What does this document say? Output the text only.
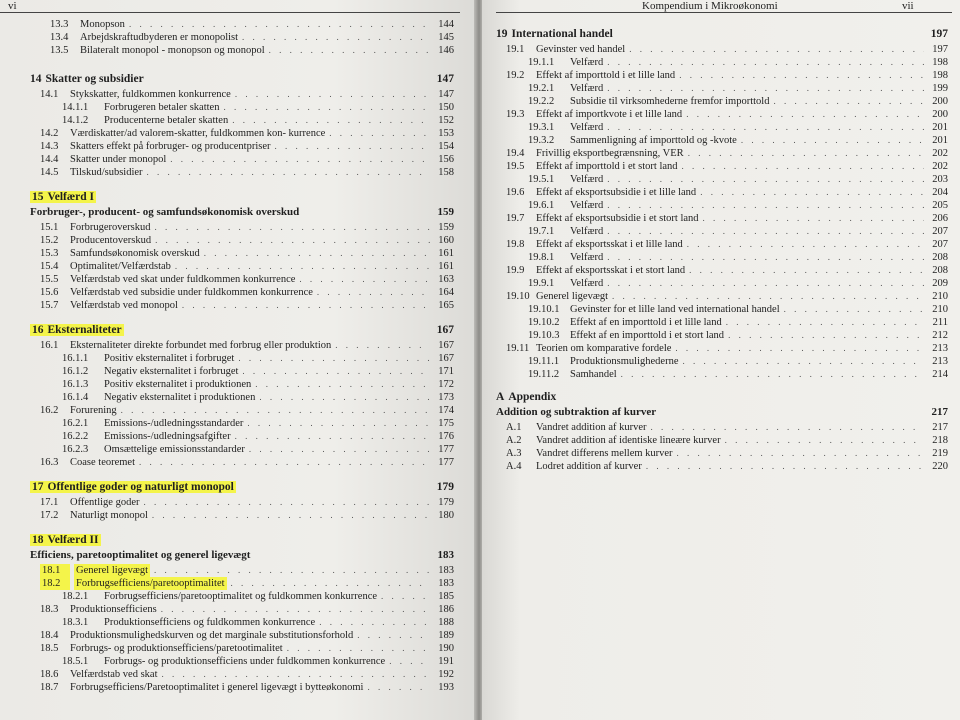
vi
13.3	Monopson . . .	144
13.4	Arbejdskraftudbyderen er monopolist . . .	145
13.5	Bilateralt monopol - monopson og monopol . . .	146
14 Skatter og subsidier	147
14.1	Stykskatter, fuldkommen konkurrence . . .	147
14.1.1	Forbrugeren betaler skatten . . .	150
14.1.2	Producenterne betaler skatten . . .	152
14.2	Værdiskatter/ad valorem-skatter, fuldkommen kon- kurrence . . .	153
14.3	Skatters effekt på forbruger- og producentpriser . . .	154
14.4	Skatter under monopol . . .	156
14.5	Tilskud/subsidier . . .	158
15 Velfærd I
Forbruger-, producent- og samfundsøkonomisk overskud	159
15.1	Forbrugeroverskud . . .	159
15.2	Producentoverskud . . .	160
15.3	Samfundsøkonomisk overskud . . .	161
15.4	Optimalitet/Velfærdstab . . .	161
15.5	Velfærdstab ved skat under fuldkommen konkurrence . . .	163
15.6	Velfærdstab ved subsidie under fuldkommen konkurrence . . .	164
15.7	Velfærdstab ved monopol . . .	165
16 Eksternaliteter	167
16.1	Eksternaliteter direkte forbundet med forbrug eller produktion . . .	167
16.1.1	Positiv eksternalitet i forbruget . . .	167
16.1.2	Negativ eksternalitet i forbruget . . .	171
16.1.3	Positiv eksternalitet i produktionen . . .	172
16.1.4	Negativ eksternalitet i produktionen . . .	173
16.2	Forurening . . .	174
16.2.1	Emissions-/udledningsstandarder . . .	175
16.2.2	Emissions-/udledningsafgifter . . .	176
16.2.3	Omsættelige emissionsstandarder . . .	177
16.3	Coase teoremet . . .	177
17 Offentlige goder og naturligt monopol	179
17.1	Offentlige goder . . .	179
17.2	Naturligt monopol . . .	180
18 Velfærd II
Efficiens, paretooptimalitet og generel ligevægt	183
18.1	Generel ligevægt . . .	183
18.2	Forbrugsefficiens/paretooptimalitet . . .	183
18.2.1	Forbrugsefficiens/paretooptimalitet og fuldkommen konkurrence . . .	185
18.3	Produktionsefficiens . . .	186
18.3.1	Produktionsefficiens og fuldkommen konkurrence . . .	188
18.4	Produktionsmulighedskurven og det marginale substitutionsforhold . . .	189
18.5	Forbrugs- og produktionsefficiens/paretootimalitet . . .	190
18.5.1	Forbrugs- og produktionsefficiens under fuldkommen konkurrence . . .	191
18.6	Velfærdstab ved skat . . .	192
18.7	Forbrugsefficiens/Paretooptimalitet i generel ligevægt i bytteøkonomi . . .	193
Kompendium i Mikroøkonomi	vii
19 International handel	197
19.1	Gevinster ved handel . . .	197
19.1.1	Velfærd . . .	198
19.2	Effekt af importtold i et lille land . . .	198
19.2.1	Velfærd . . .	199
19.2.2	Subsidie til virksomhederne fremfor importtold . . .	200
19.3	Effekt af importkvote i et lille land . . .	200
19.3.1	Velfærd . . .	201
19.3.2	Sammenligning af importtold og -kvote . . .	201
19.4	Frivillig eksportbegrænsning, VER . . .	202
19.5	Effekt af importtold i et stort land . . .	202
19.5.1	Velfærd . . .	203
19.6	Effekt af eksportsubsidie i et lille land . . .	204
19.6.1	Velfærd . . .	205
19.7	Effekt af eksportsubsidie i et stort land . . .	206
19.7.1	Velfærd . . .	207
19.8	Effekt af eksportsskat i et lille land . . .	207
19.8.1	Velfærd . . .	208
19.9	Effekt af eksportsskat i et stort land . . .	208
19.9.1	Velfærd . . .	209
19.10 Generel ligevægt . . .	210
19.10.1	Gevinster for et lille land ved international handel . . .	210
19.10.2	Effekt af en importtold i et lille land . . .	211
19.10.3	Effekt af en importtold i et stort land . . .	212
19.11 Teorien om komparative fordele . . .	213
19.11.1	Produktionsmulighederne . . .	213
19.11.2	Samhandel . . .	214
A Appendix
Addition og subtraktion af kurver	217
A.1	Vandret addition af kurver . . .	217
A.2	Vandret addition af identiske lineære kurver . . .	218
A.3	Vandret differens mellem kurver . . .	219
A.4	Lodret addition af kurver . . .	220
